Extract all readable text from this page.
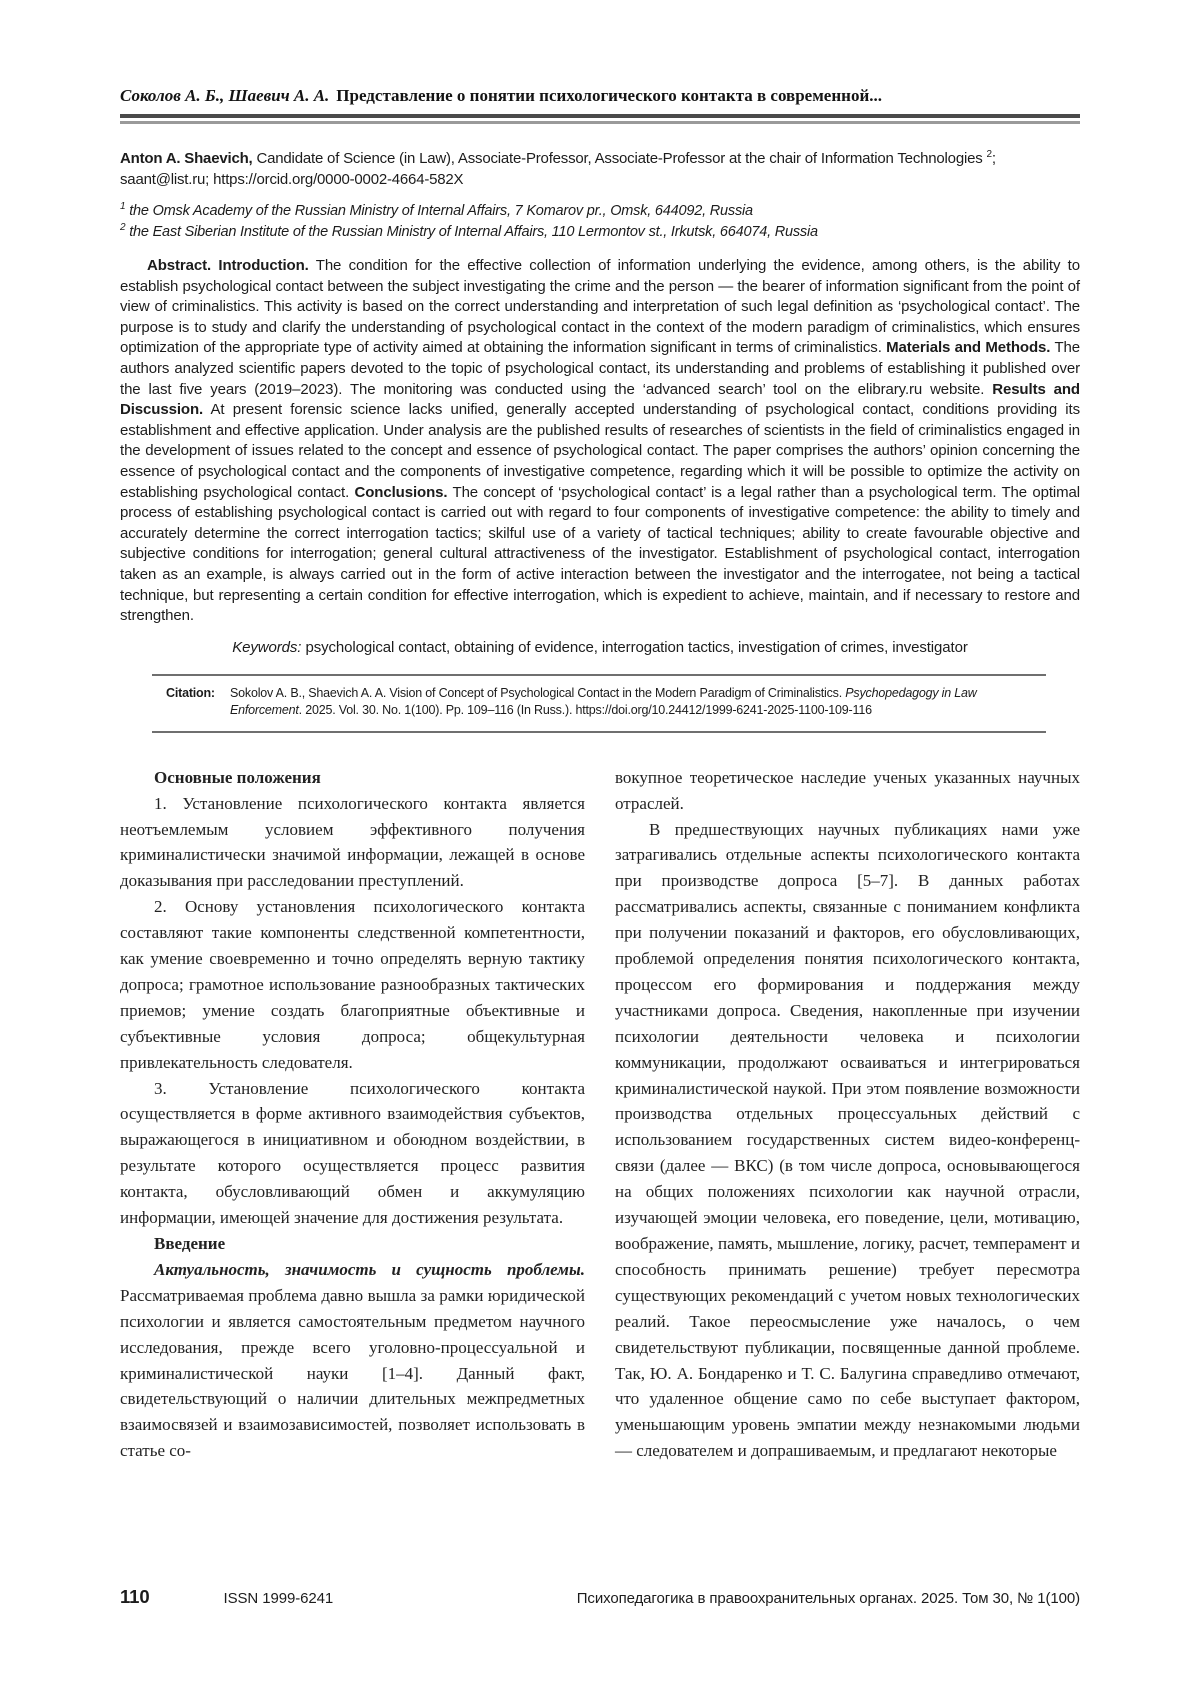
Соколов А. Б., Шаевич А. А. Представление о понятии психологического контакта в современной...

Anton A. Shaevich, Candidate of Science (in Law), Associate-Professor, Associate-Professor at the chair of Information Technologies $^2$;

saant@list.ru; https://orcid.org/0000-0002-4664-582X

$^1$ the Omsk Academy of the Russian Ministry of Internal Affairs, 7 Komarov pr., Omsk, 644092, Russia

$^2$ the East Siberian Institute of the Russian Ministry of Internal Affairs, 110 Lermontov st., Irkutsk, 664074, Russia

Abstract. Introduction. The condition for the effective collection of information underlying the evidence, among others, is the ability to establish psychological contact between the subject investigating the crime and the person — the bearer of information significant from the point of view of criminalistics. This activity is based on the correct understanding and interpretation of such legal definition as ‘psychological contact’. The purpose is to study and clarify the understanding of psychological contact in the context of the modern paradigm of criminalistics, which ensures optimization of the appropriate type of activity aimed at obtaining the information significant in terms of criminalistics. Materials and Methods. The authors analyzed scientific papers devoted to the topic of psychological contact, its understanding and problems of establishing it published over the last five years (2019–2023). The monitoring was conducted using the ‘advanced search’ tool on the elibrary.ru website. Results and Discussion. At present forensic science lacks unified, generally accepted understanding of psychological contact, conditions providing its establishment and effective application. Under analysis are the published results of researches of scientists in the field of criminalistics engaged in the development of issues related to the concept and essence of psychological contact. The paper comprises the authors’ opinion concerning the essence of psychological contact and the components of investigative competence, regarding which it will be possible to optimize the activity on establishing psychological contact. Conclusions. The concept of ‘psychological contact’ is a legal rather than a psychological term. The optimal process of establishing psychological contact is carried out with regard to four components of investigative competence: the ability to timely and accurately determine the correct interrogation tactics; skilful use of a variety of tactical techniques; ability to create favourable objective and subjective conditions for interrogation; general cultural attractiveness of the investigator. Establishment of psychological contact, interrogation taken as an example, is always carried out in the form of active interaction between the investigator and the interrogatee, not being a tactical technique, but representing a certain condition for effective interrogation, which is expedient to achieve, maintain, and if necessary to restore and strengthen.

Keywords: psychological contact, obtaining of evidence, interrogation tactics, investigation of crimes, investigator

Citation:	Sokolov A. B., Shaevich A. A. Vision of Concept of Psychological Contact in the Modern Paradigm of Criminalistics. Psychopedagogy in Law Enforcement. 2025. Vol. 30. No. 1(100). Pp. 109–116 (In Russ.). https://doi.org/10.24412/1999-6241-2025-1100-109-116

Основные положения

1. Установление психологического контакта является неотъемлемым условием эффективного получения криминалистически значимой информации, лежащей в основе доказывания при расследовании преступлений.

2. Основу установления психологического контакта составляют такие компоненты следственной компетентности, как умение своевременно и точно определять верную тактику допроса; грамотное использование разнообразных тактических приемов; умение создать благоприятные объективные и субъективные условия допроса; общекультурная привлекательность следователя.

3. Установление психологического контакта осуществляется в форме активного взаимодействия субъектов, выражающегося в инициативном и обоюдном воздействии, в результате которого осуществляется процесс развития контакта, обусловливающий обмен и аккумуляцию информации, имеющей значение для достижения результата.

Введение

Актуальность, значимость и сущность проблемы. Рассматриваемая проблема давно вышла за рамки юридической психологии и является самостоятельным предметом научного исследования, прежде всего уголовно-процессуальной и криминалистической науки [1–4]. Данный факт, свидетельствующий о наличии длительных межпредметных взаимосвязей и взаимозависимостей, позволяет использовать в статье со-

вокупное теоретическое наследие ученых указанных научных отраслей.

В предшествующих научных публикациях нами уже затрагивались отдельные аспекты психологического контакта при производстве допроса [5–7]. В данных работах рассматривались аспекты, связанные с пониманием конфликта при получении показаний и факторов, его обусловливающих, проблемой определения понятия психологического контакта, процессом его формирования и поддержания между участниками допроса. Сведения, накопленные при изучении психологии деятельности человека и психологии коммуникации, продолжают осваиваться и интегрироваться криминалистической наукой. При этом появление возможности производства отдельных процессуальных действий с использованием государственных систем видео-конференц-связи (далее — ВКС) (в том числе допроса, основывающегося на общих положениях психологии как научной отрасли, изучающей эмоции человека, его поведение, цели, мотивацию, воображение, память, мышление, логику, расчет, темперамент и способность принимать решение) требует пересмотра существующих рекомендаций с учетом новых технологических реалий. Такое переосмысление уже началось, о чем свидетельствуют публикации, посвященные данной проблеме. Так, Ю. А. Бондаренко и Т. С. Балугина справедливо отмечают, что удаленное общение само по себе выступает фактором, уменьшающим уровень эмпатии между незнакомыми людьми — следователем и допрашиваемым, и предлагают некоторые

110	ISSN 1999-6241	Психопедагогика в правоохранительных органах. 2025. Том 30, № 1(100)
